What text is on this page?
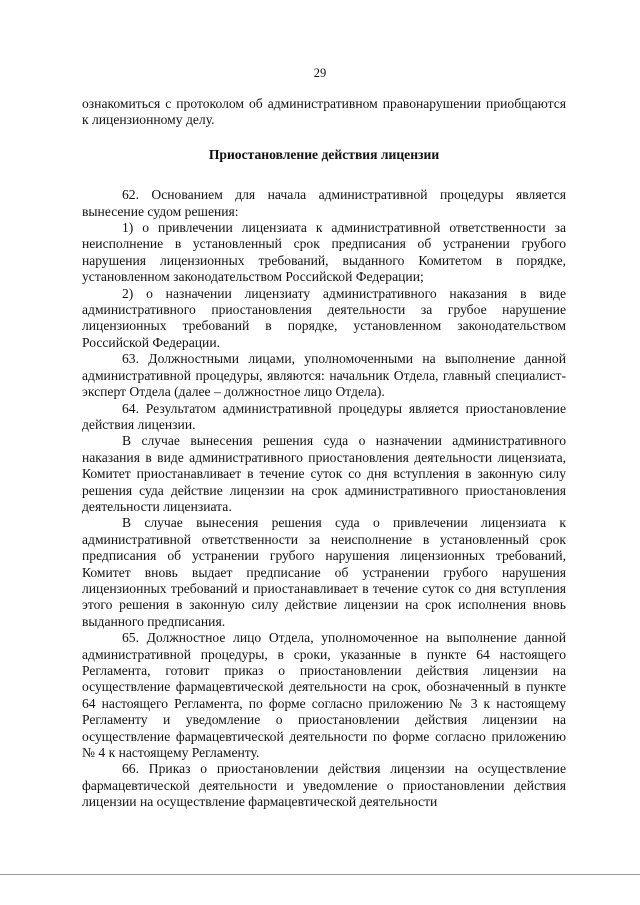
29

ознакомиться с протоколом об административном правонарушении приобщаются к лицензионному делу.

Приостановление действия лицензии

62. Основанием для начала административной процедуры является вынесение судом решения:

1) о привлечении лицензиата к административной ответственности за неисполнение в установленный срок предписания об устранении грубого нарушения лицензионных требований, выданного Комитетом в порядке, установленном законодательством Российской Федерации;

2) о назначении лицензиату административного наказания в виде административного приостановления деятельности за грубое нарушение лицензионных требований в порядке, установленном законодательством Российской Федерации.

63. Должностными лицами, уполномоченными на выполнение данной административной процедуры, являются: начальник Отдела, главный специалист-эксперт Отдела (далее – должностное лицо Отдела).

64. Результатом административной процедуры является приостановление действия лицензии.

В случае вынесения решения суда о назначении административного наказания в виде административного приостановления деятельности лицензиата, Комитет приостанавливает в течение суток со дня вступления в законную силу решения суда действие лицензии на срок административного приостановления деятельности лицензиата.

В случае вынесения решения суда о привлечении лицензиата к административной ответственности за неисполнение в установленный срок предписания об устранении грубого нарушения лицензионных требований, Комитет вновь выдает предписание об устранении грубого нарушения лицензионных требований и приостанавливает в течение суток со дня вступления этого решения в законную силу действие лицензии на срок исполнения вновь выданного предписания.

65. Должностное лицо Отдела, уполномоченное на выполнение данной административной процедуры, в сроки, указанные в пункте 64 настоящего Регламента, готовит приказ о приостановлении действия лицензии на осуществление фармацевтической деятельности на срок, обозначенный в пункте 64 настоящего Регламента, по форме согласно приложению № 3 к настоящему Регламенту и уведомление о приостановлении действия лицензии на осуществление фармацевтической деятельности по форме согласно приложению № 4 к настоящему Регламенту.

66. Приказ о приостановлении действия лицензии на осуществление фармацевтической деятельности и уведомление о приостановлении действия лицензии на осуществление фармацевтической деятельности
